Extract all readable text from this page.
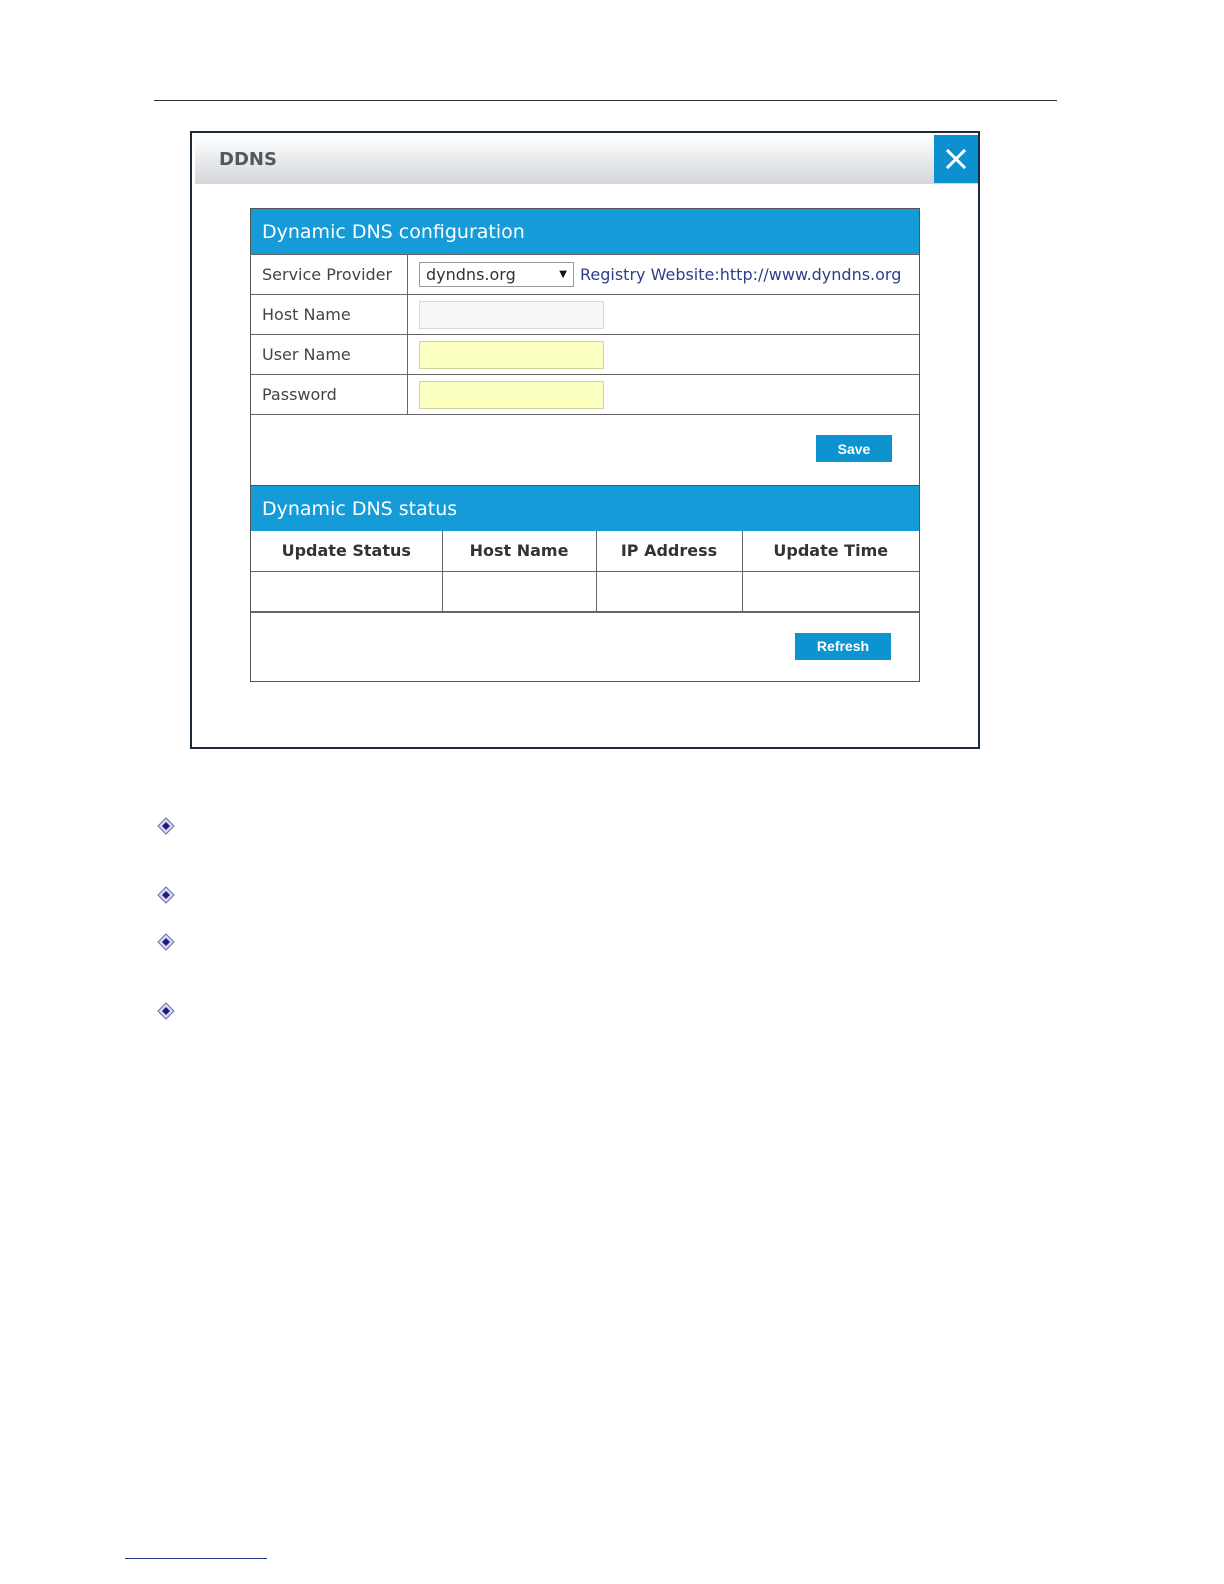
DDNS
Dynamic DNS configuration
Service Provider	dyndns.org	▼ Registry Website:http://www.dyndns.org
Host Name
User Name
Password
Save
Dynamic DNS status
Update Status	Host Name	IP Address	Update Time

Refresh
